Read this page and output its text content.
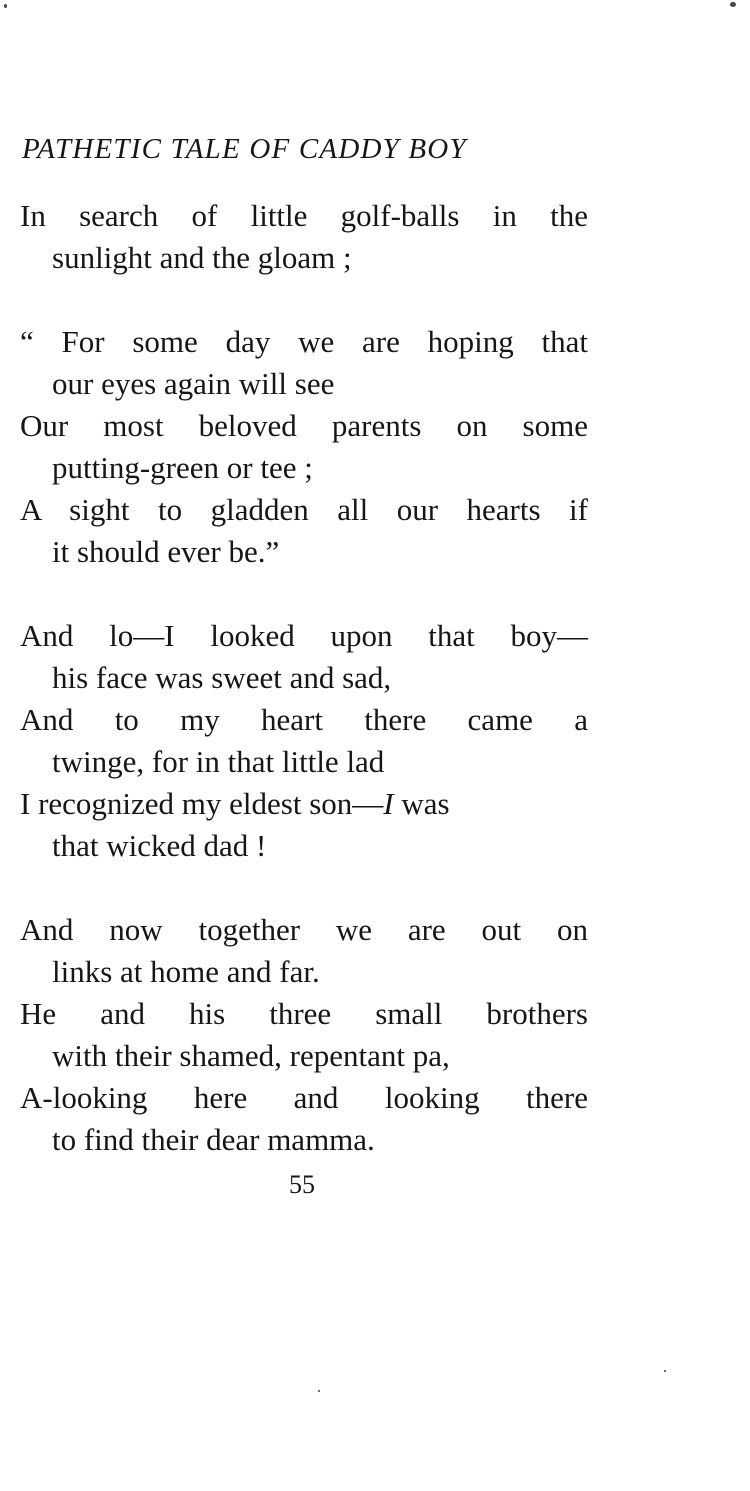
PATHETIC TALE OF CADDY BOY
In search of little golf-balls in the
sunlight and the gloam ;
“ For some day we are hoping that
our eyes again will see
Our most beloved parents on some
putting-green or tee ;
A sight to gladden all our hearts if
it should ever be.”
And lo—I looked upon that boy—
his face was sweet and sad,
And to my heart there came a
twinge, for in that little lad
I recognized my eldest son—I was
that wicked dad !
And now together we are out on
links at home and far.
He and his three small brothers
with their shamed, repentant pa,
A-looking here and looking there
to find their dear mamma.
55
